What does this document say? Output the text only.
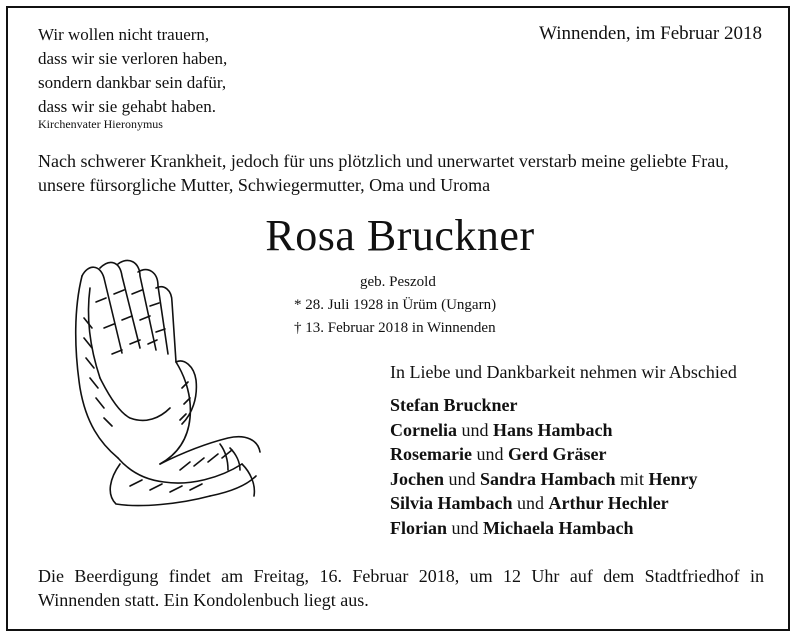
Wir wollen nicht trauern,
dass wir sie verloren haben,
sondern dankbar sein dafür,
dass wir sie gehabt haben.
Kirchenvater Hieronymus
Winnenden, im Februar 2018
Nach schwerer Krankheit, jedoch für uns plötzlich und unerwartet verstarb meine geliebte Frau,
unsere fürsorgliche Mutter, Schwiegermutter, Oma und Uroma
Rosa Bruckner
geb. Peszold
* 28. Juli 1928 in Ürüm (Ungarn)
† 13. Februar 2018 in Winnenden
In Liebe und Dankbarkeit nehmen wir Abschied
Stefan Bruckner
Cornelia und Hans Hambach
Rosemarie und Gerd Gräser
Jochen und Sandra Hambach mit Henry
Silvia Hambach und Arthur Hechler
Florian und Michaela Hambach
Die Beerdigung findet am Freitag, 16. Februar 2018, um 12 Uhr auf dem Stadtfriedhof in
Winnenden statt. Ein Kondolenbuch liegt aus.
